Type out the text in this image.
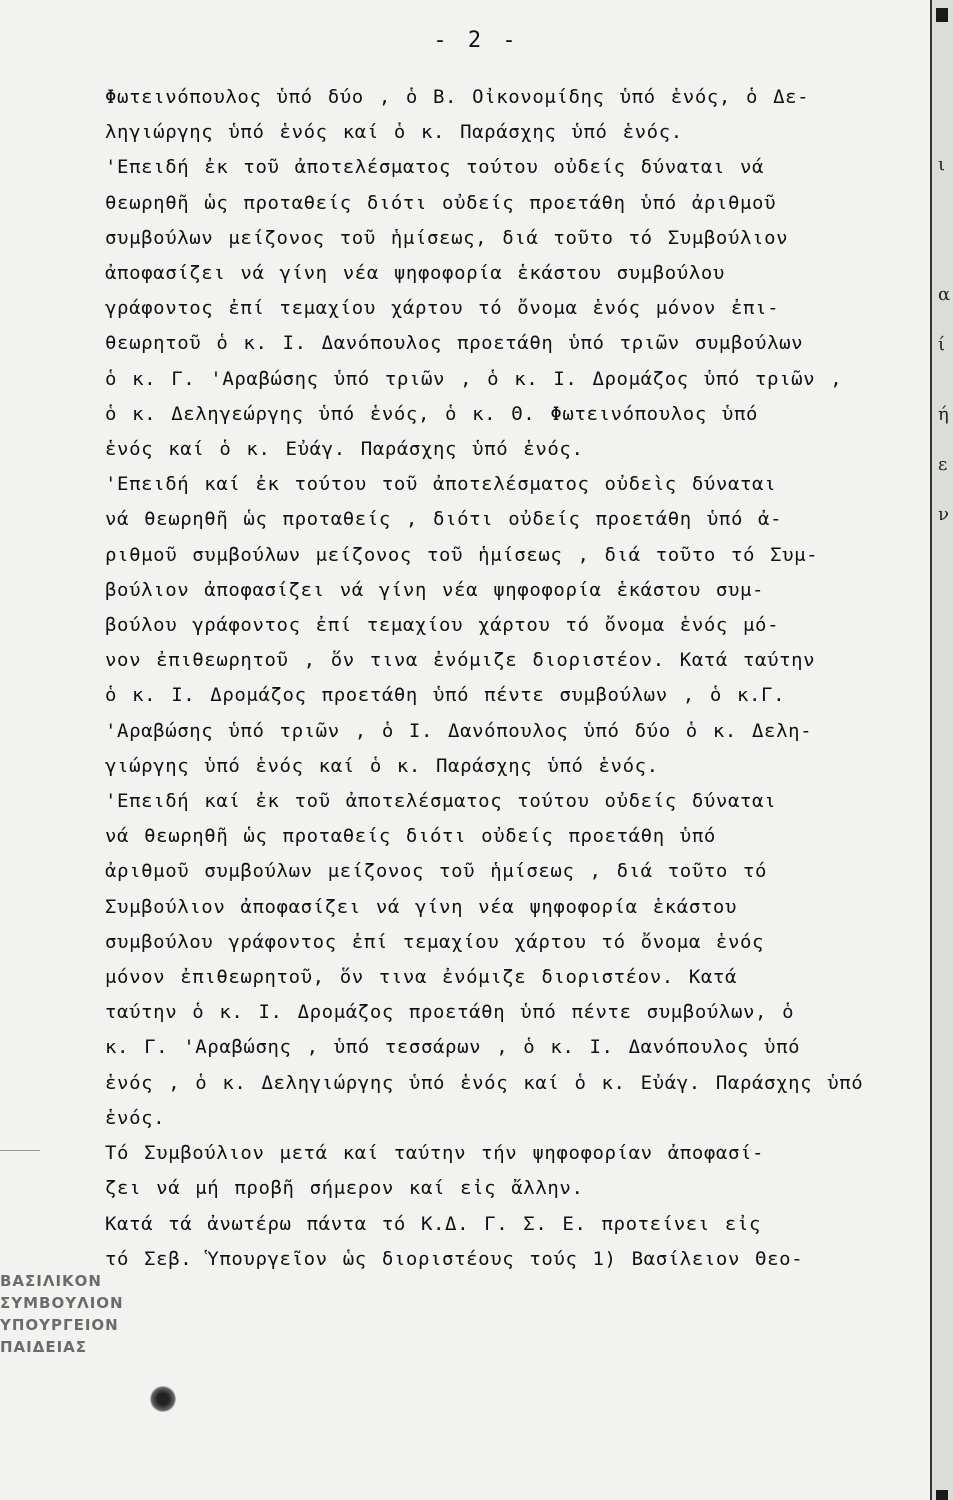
- 2 -

Φωτεινόπουλος ὑπό δύο , ὁ Β. Οἰκονομίδης ὑπό ἑνός, ὁ Δε-

ληγιώργης ὑπό ἑνός καί ὁ κ. Παράσχης ὑπό ἑνός.

'Επειδή ἐκ τοῦ ἀποτελέσματος τούτου οὐδείς δύναται νά

θεωρηθῆ ὡς προταθείς διότι οὐδείς προετάθη ὑπό ἀριθμοῦ

συμβούλων μείζονος τοῦ ἡμίσεως, διά τοῦτο τό Συμβούλιον

ἀποφασίζει νά γίνη νέα ψηφοφορία ἑκάστου συμβούλου

γράφοντος ἐπί τεμαχίου χάρτου τό ὄνομα ἑνός μόνον ἐπι-

θεωρητοῦ ὁ κ. Ι. Δανόπουλος προετάθη ὑπό τριῶν συμβούλων

ὁ κ. Γ. 'Αραβώσης ὑπό τριῶν , ὁ κ. Ι. Δρομάζος ὑπό τριῶν ,

ὁ κ. Δεληγεώργης ὑπό ἑνός, ὁ κ. Θ. Φωτεινόπουλος ὑπό

ἑνός καί ὁ κ. Εὐάγ. Παράσχης ὑπό ἑνός.

'Επειδή καί ἐκ τούτου τοῦ ἀποτελέσματος οὐδεὶς δύναται

νά θεωρηθῆ ὡς προταθείς , διότι οὐδείς προετάθη ὑπό ἀ-

ριθμοῦ συμβούλων μείζονος τοῦ ἡμίσεως , διά τοῦτο τό Συμ-

βούλιον ἀποφασίζει νά γίνη νέα ψηφοφορία ἑκάστου συμ-

βούλου γράφοντος ἐπί τεμαχίου χάρτου τό ὄνομα ἑνός μό-

νον ἐπιθεωρητοῦ , ὅν τινα ἐνόμιζε διοριστέον. Κατά ταύτην

ὁ κ. Ι. Δρομάζος προετάθη ὑπό πέντε συμβούλων , ὁ κ.Γ.

'Αραβώσης ὑπό τριῶν , ὁ Ι. Δανόπουλος ὑπό δύο ὁ κ. Δελη-

γιώργης ὑπό ἑνός καί ὁ κ. Παράσχης ὑπό ἑνός.

'Επειδή καί ἐκ τοῦ ἀποτελέσματος τούτου οὐδείς δύναται

νά θεωρηθῆ ὡς προταθείς διότι οὐδείς προετάθη ὑπό

ἀριθμοῦ συμβούλων μείζονος τοῦ ἡμίσεως , διά τοῦτο τό

Συμβούλιον ἀποφασίζει νά γίνη νέα ψηφοφορία ἑκάστου

συμβούλου γράφοντος ἐπί τεμαχίου χάρτου τό ὄνομα ἑνός

μόνον ἐπιθεωρητοῦ, ὅν τινα ἐνόμιζε διοριστέον. Κατά

ταύτην ὁ κ. Ι. Δρομάζος προετάθη ὑπό πέντε συμβούλων, ὁ

κ. Γ. 'Αραβώσης , ὑπό τεσσάρων , ὁ κ. Ι. Δανόπουλος ὑπό

ἑνός , ὁ κ. Δεληγιώργης ὑπό ἑνός καί ὁ κ. Εὐάγ. Παράσχης ὑπό

ἑνός.

Τό Συμβούλιον μετά καί ταύτην τήν ψηφοφορίαν ἀποφασί-

ζει νά μή προβῆ σήμερον καί εἰς ἄλλην.

Κατά τά ἀνωτέρω πάντα τό Κ.Δ. Γ. Σ. Ε. προτείνει εἰς

τό Σεβ. Ὑπουργεῖον ὡς διοριστέους τούς 1) Βασίλειον Θεο-

ι
α
ί
ή
ε
ν
ΒΑΣΙΛΙΚΟΝ
ΣΥΜΒΟΥΛΙΟΝ
ΥΠΟΥΡΓΕΙΟΝ
ΠΑΙΔΕΙΑΣ
